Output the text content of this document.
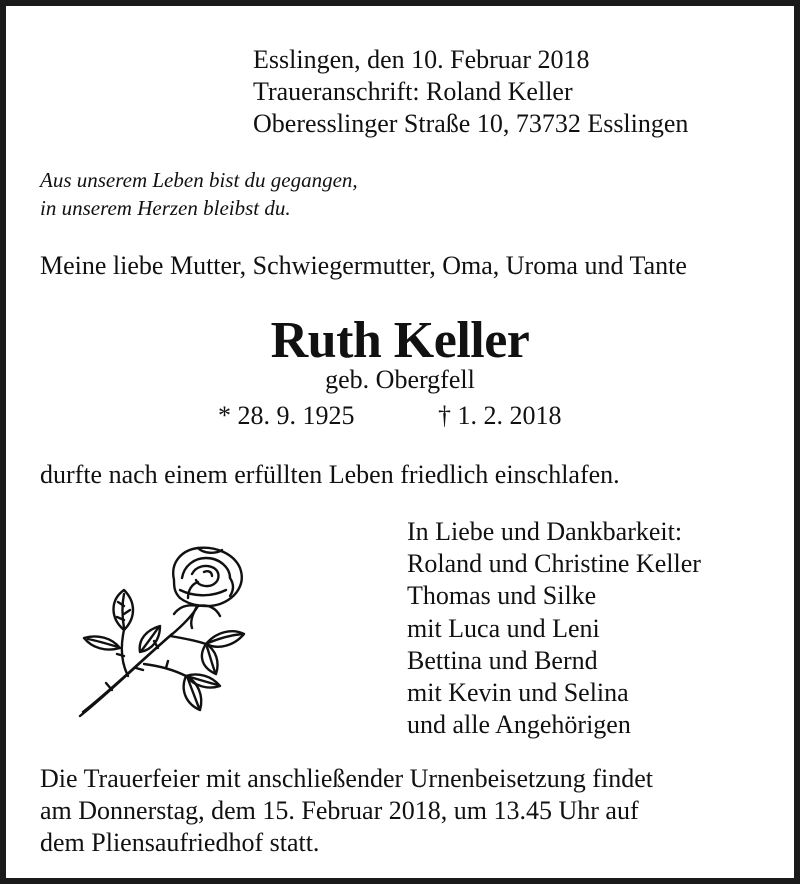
Esslingen, den 10. Februar 2018
Traueranschrift: Roland Keller
Oberesslinger Straße 10, 73732 Esslingen
Aus unserem Leben bist du gegangen,
in unserem Herzen bleibst du.
Meine liebe Mutter, Schwiegermutter, Oma, Uroma und Tante
Ruth Keller
geb. Obergfell
* 28. 9. 1925	† 1. 2. 2018
durfte nach einem erfüllten Leben friedlich einschlafen.
In Liebe und Dankbarkeit:
Roland und Christine Keller
Thomas und Silke
mit Luca und Leni
Bettina und Bernd
mit Kevin und Selina
und alle Angehörigen
Die Trauerfeier mit anschließender Urnenbeisetzung findet
am Donnerstag, dem 15. Februar 2018, um 13.45 Uhr auf
dem Pliensaufriedhof statt.
